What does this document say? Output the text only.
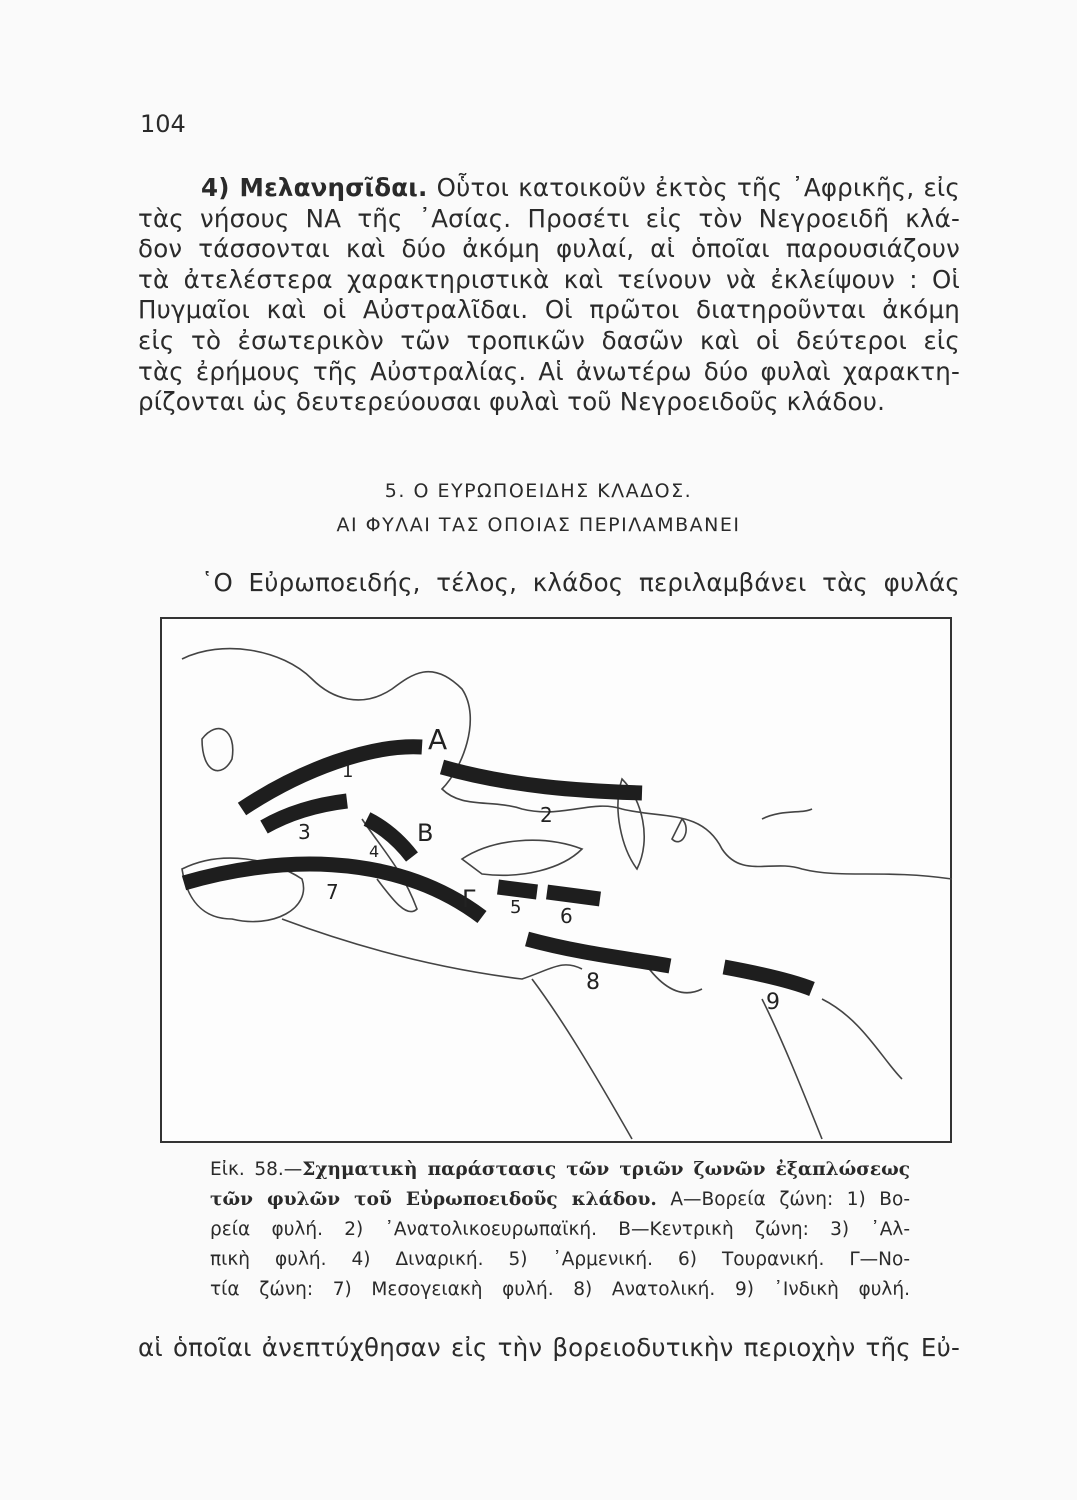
104
4) Μελανησῖδαι. Οὗτοι κατοικοῦν ἐκτὸς τῆς ᾽Αφρικῆς, εἰς
τὰς νήσους ΝΑ τῆς ᾽Ασίας. Προσέτι εἰς τὸν Νεγροειδῆ κλά-
δον τάσσονται καὶ δύο ἀκόμη φυλαί, αἱ ὁποῖαι παρουσιάζουν
τὰ ἀτελέστερα χαρακτηριστικὰ καὶ τείνουν νὰ ἐκλείψουν : Οἱ
Πυγμαῖοι καὶ οἱ Αὐστραλῖδαι. Οἱ πρῶτοι διατηροῦνται ἀκόμη
εἰς τὸ ἐσωτερικὸν τῶν τροπικῶν δασῶν καὶ οἱ δεύτεροι εἰς
τὰς ἐρήμους τῆς Αὐστραλίας. Αἱ ἀνωτέρω δύο φυλαὶ χαρακτη-
ρίζονται ὡς δευτερεύουσαι φυλαὶ τοῦ Νεγροειδοῦς κλάδου.
5. Ο ΕΥΡΩΠΟΕΙΔΗΣ ΚΛΑΔΟΣ.
ΑΙ ΦΥΛΑΙ ΤΑΣ ΟΠΟΙΑΣ ΠΕΡΙΛΑΜΒΑΝΕΙ
῾Ο Εὐρωποειδής, τέλος, κλάδος περιλαμβάνει τὰς φυλάς
Α
Β
Γ
1
2
3
4
5 6
7
8
9
Εἰκ. 58.—Σχηματικὴ παράστασις τῶν τριῶν ζωνῶν ἐξαπλώσεως
τῶν φυλῶν τοῦ Εὐρωποειδοῦς κλάδου. Α—Βορεία ζώνη: 1) Βο-
ρεία φυλή. 2) ᾽Ανατολικοευρωπαϊκή. Β—Κεντρικὴ ζώνη: 3) ᾽Αλ-
πικὴ φυλή. 4) Διναρική. 5) ᾽Αρμενική. 6) Τουρανική. Γ—Νο-
τία ζώνη: 7) Μεσογειακὴ φυλή. 8) Ανατολική. 9) ᾽Ινδικὴ φυλή.
αἱ ὁποῖαι ἀνεπτύχθησαν εἰς τὴν βορειοδυτικὴν περιοχὴν τῆς Εὐ-
